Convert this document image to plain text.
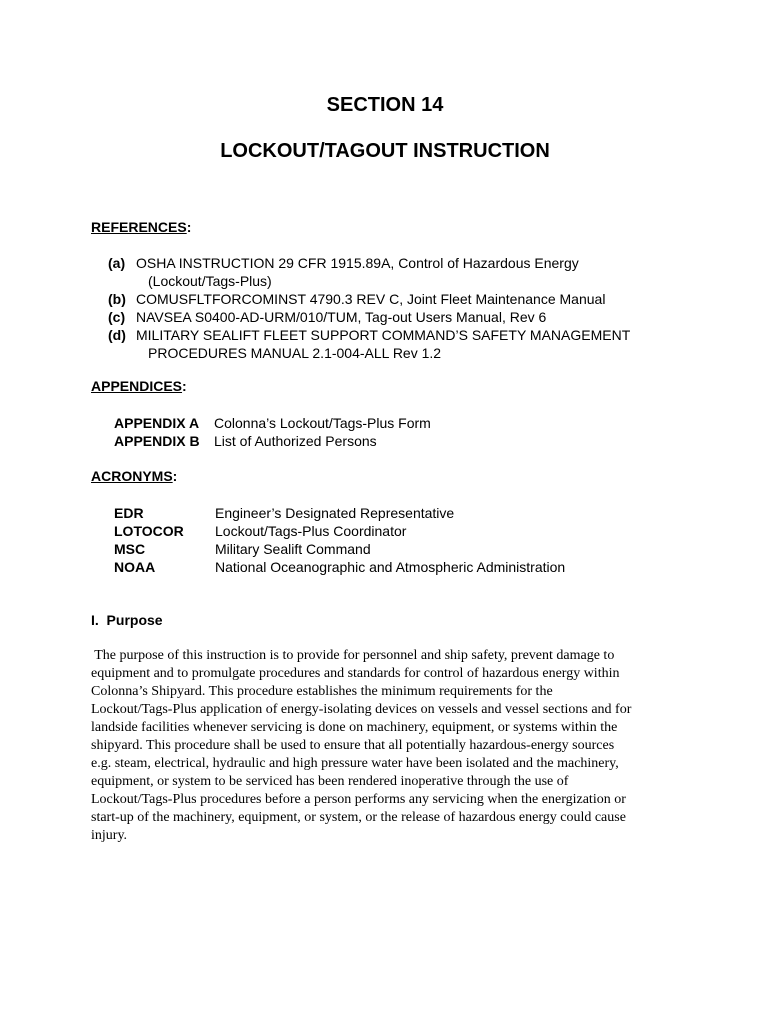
SECTION 14
LOCKOUT/TAGOUT INSTRUCTION
REFERENCES:
(a) OSHA INSTRUCTION 29 CFR 1915.89A, Control of Hazardous Energy
(Lockout/Tags-Plus)
(b) COMUSFLTFORCOMINST 4790.3 REV C, Joint Fleet Maintenance Manual
(c) NAVSEA S0400-AD-URM/010/TUM, Tag-out Users Manual, Rev 6
(d) MILITARY SEALIFT FLEET SUPPORT COMMAND’S SAFETY MANAGEMENT
PROCEDURES MANUAL 2.1-004-ALL Rev 1.2
APPENDICES:
APPENDIX A	Colonna’s Lockout/Tags-Plus Form
APPENDIX B	List of Authorized Persons
ACRONYMS:
EDR	Engineer’s Designated Representative
LOTOCOR	Lockout/Tags-Plus Coordinator
MSC	Military Sealift Command
NOAA	National Oceanographic and Atmospheric Administration
I.  Purpose
The purpose of this instruction is to provide for personnel and ship safety, prevent damage to
equipment and to promulgate procedures and standards for control of hazardous energy within
Colonna’s Shipyard. This procedure establishes the minimum requirements for the
Lockout/Tags-Plus application of energy-isolating devices on vessels and vessel sections and for
landside facilities whenever servicing is done on machinery, equipment, or systems within the
shipyard. This procedure shall be used to ensure that all potentially hazardous-energy sources
e.g. steam, electrical, hydraulic and high pressure water have been isolated and the machinery,
equipment, or system to be serviced has been rendered inoperative through the use of
Lockout/Tags-Plus procedures before a person performs any servicing when the energization or
start-up of the machinery, equipment, or system, or the release of hazardous energy could cause
injury.
